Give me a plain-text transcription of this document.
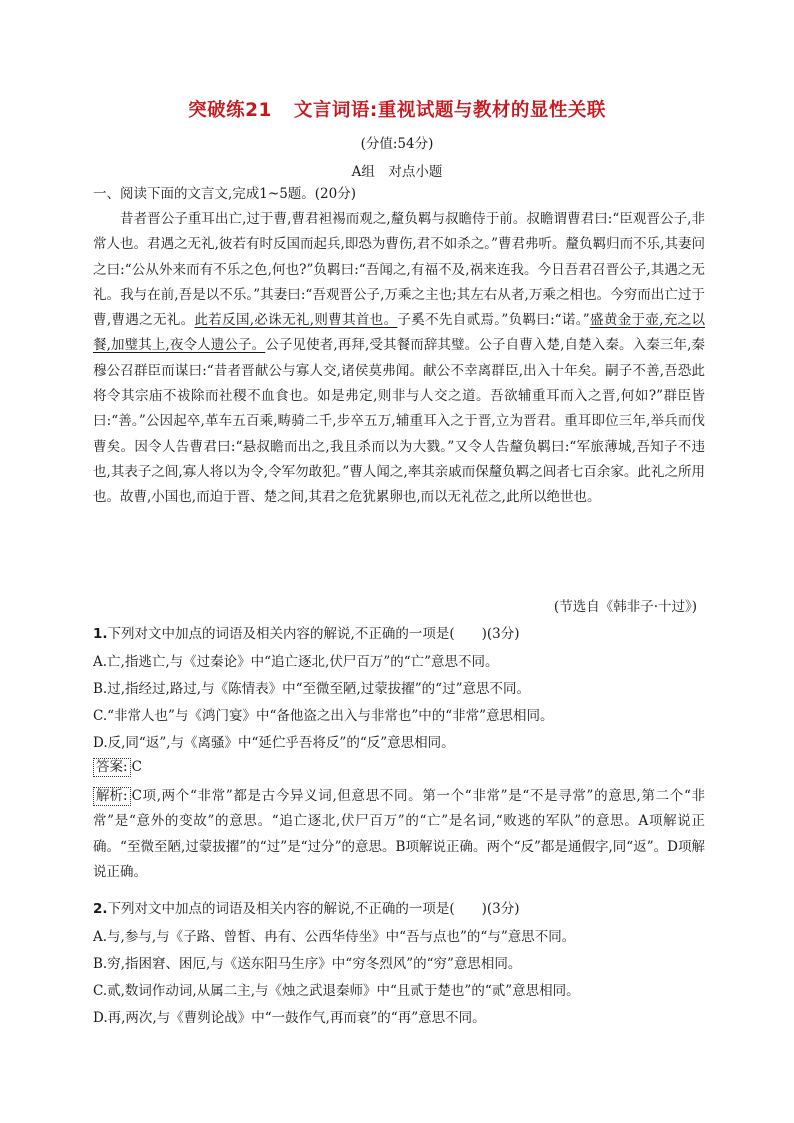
突破练21 文言词语:重视试题与教材的显性关联
(分值:54分)
A组　对点小题
一、阅读下面的文言文,完成1~5题。(20分)
昔者晋公子重耳出亡,过于曹,曹君袒裼而观之,釐负羁与叔瞻侍于前。叔瞻谓曹君曰:“臣观晋公子,非常人也。君遇之无礼,彼若有时反国而起兵,即恐为曹伤,君不如杀之。”曹君弗听。釐负羁归而不乐,其妻问之曰:“公从外来而有不乐之色,何也?”负羁曰:“吾闻之,有福不及,祸来连我。今日吾君召晋公子,其遇之无礼。我与在前,吾是以不乐。”其妻曰:“吾观晋公子,万乘之主也;其左右从者,万乘之相也。今穷而出亡过于曹,曹遇之无礼。此若反国,必诛无礼,则曹其首也。子奚不先自贰焉。”负羁曰:“诺。”盛黄金于壶,充之以餐,加璧其上,夜令人遗公子。公子见使者,再拜,受其餐而辞其璧。公子自曹入楚,自楚入秦。入秦三年,秦穆公召群臣而谋曰:“昔者晋献公与寡人交,诸侯莫弗闻。献公不幸离群臣,出入十年矣。嗣子不善,吾恐此将令其宗庙不祓除而社稷不血食也。如是弗定,则非与人交之道。吾欲辅重耳而入之晋,何如?”群臣皆曰:“善。”公因起卒,革车五百乘,畴骑二千,步卒五万,辅重耳入之于晋,立为晋君。重耳即位三年,举兵而伐曹矣。因令人告曹君曰:“悬叔瞻而出之,我且杀而以为大戮。”又令人告釐负羁曰:“军旅薄城,吾知子不违也,其表子之闾,寡人将以为令,令军勿敢犯。”曹人闻之,率其亲戚而保釐负羁之闾者七百余家。此礼之所用也。故曹,小国也,而迫于晋、楚之间,其君之危犹累卵也,而以无礼莅之,此所以绝世也。
(节选自《韩非子·十过》)
1.下列对文中加点的词语及相关内容的解说,不正确的一项是(　　)(3分)
A.亡,指逃亡,与《过秦论》中“追亡逐北,伏尸百万”的“亡”意思不同。
B.过,指经过,路过,与《陈情表》中“至微至陋,过蒙拔擢”的“过”意思不同。
C.“非常人也”与《鸿门宴》中“备他盗之出入与非常也”中的“非常”意思相同。
D.反,同“返”,与《离骚》中“延伫乎吾将反”的“反”意思相同。
答案: C
解析: C项,两个“非常”都是古今异义词,但意思不同。第一个“非常”是“不是寻常”的意思,第二个“非常”是“意外的变故”的意思。“追亡逐北,伏尸百万”的“亡”是名词,“败逃的军队”的意思。A项解说正确。“至微至陋,过蒙拔擢”的“过”是“过分”的意思。B项解说正确。两个“反”都是通假字,同“返”。D项解说正确。
2.下列对文中加点的词语及相关内容的解说,不正确的一项是(　　)(3分)
A.与,参与,与《子路、曾皙、冉有、公西华侍坐》中“吾与点也”的“与”意思不同。
B.穷,指困窘、困厄,与《送东阳马生序》中“穷冬烈风”的“穷”意思相同。
C.贰,数词作动词,从属二主,与《烛之武退秦师》中“且贰于楚也”的“贰”意思相同。
D.再,两次,与《曹刿论战》中“一鼓作气,再而衰”的“再”意思不同。
